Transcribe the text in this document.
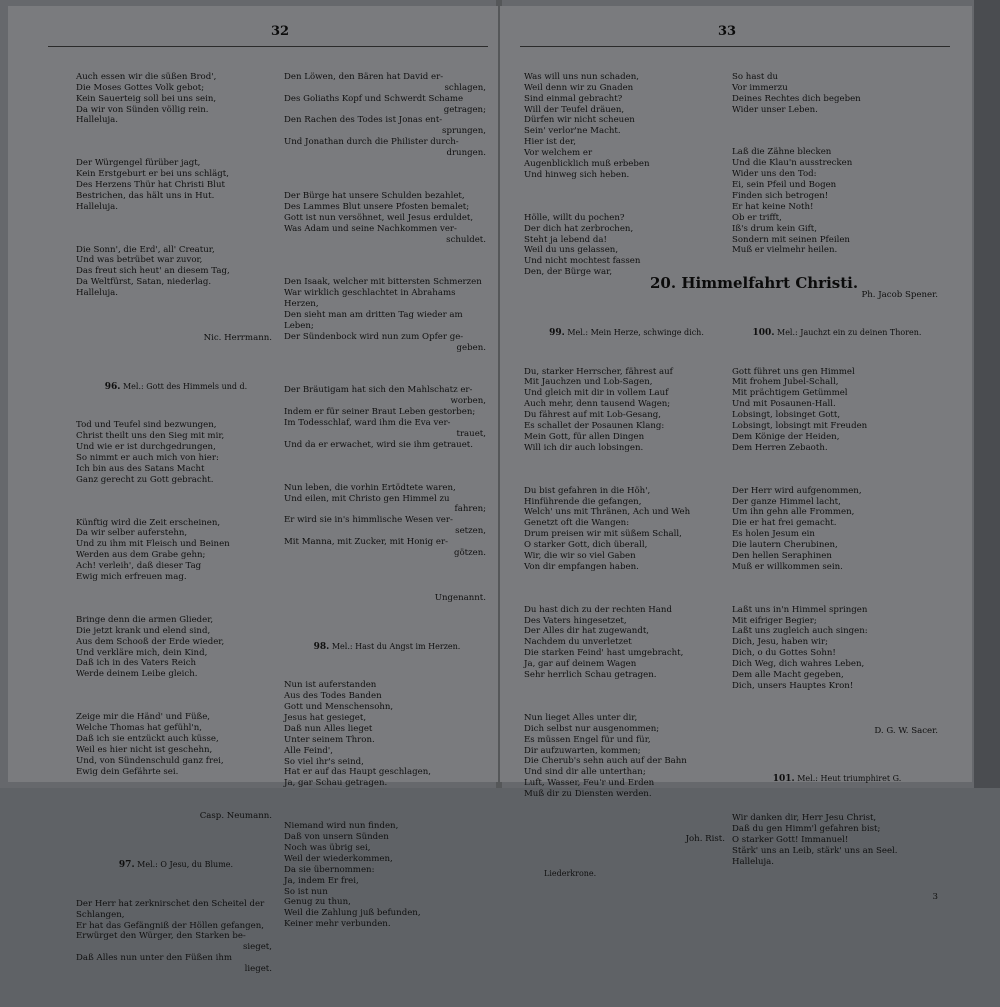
32

Auch essen wir die süßen Brod',
Die Moses Gottes Volk gebot;
Kein Sauerteig soll bei uns sein,
Da wir von Sünden völlig rein.
Halleluja.

Der Würgengel fürüber jagt,
Kein Erstgeburt er bei uns schlägt,
Des Herzens Thür hat Christi Blut
Bestrichen, das hält uns in Hut.
Halleluja.

Die Sonn', die Erd', all' Creatur,
Und was betrübet war zuvor,
Das freut sich heut' an diesem Tag,
Da Weltfürst, Satan, niederlag.
Halleluja.

Nic. Herrmann.

96. Mel.: Gott des Himmels und d.

Tod und Teufel sind bezwungen,
Christ theilt uns den Sieg mit mir,
Und wie er ist durchgedrungen,
So nimmt er auch mich von hier:
Ich bin aus des Satans Macht
Ganz gerecht zu Gott gebracht.

Künftig wird die Zeit erscheinen,
Da wir selber auferstehn,
Und zu ihm mit Fleisch und Beinen
Werden aus dem Grabe gehn;
Ach! verleih', daß dieser Tag
Ewig mich erfreuen mag.

Bringe denn die armen Glieder,
Die jetzt krank und elend sind,
Aus dem Schooß der Erde wieder,
Und verkläre mich, dein Kind,
Daß ich in des Vaters Reich
Werde deinem Leibe gleich.

Zeige mir die Händ' und Füße,
Welche Thomas hat gefühl'n,
Daß ich sie entzückt auch küsse,
Weil es hier nicht ist geschehn,
Und, von Sündenschuld ganz frei,
Ewig dein Gefährte sei.

Casp. Neumann.

97. Mel.: O Jesu, du Blume.

Der Herr hat zerknirschet den Scheitel der
Schlangen,
Er hat das Gefängniß der Höllen gefangen,
Erwürget den Würger, den Starken be-
sieget,
Daß Alles nun unter den Füßen ihm
lieget.

Den Löwen, den Bären hat David er-
schlagen,
Des Goliaths Kopf und Schwerdt Schame
getragen;
Den Rachen des Todes ist Jonas ent-
sprungen,
Und Jonathan durch die Philister durch-
drungen.

Der Bürge hat unsere Schulden bezahlet,
Des Lammes Blut unsere Pfosten bemalet;
Gott ist nun versöhnet, weil Jesus erduldet,
Was Adam und seine Nachkommen ver-
schuldet.

Den Isaak, welcher mit bittersten Schmerzen
War wirklich geschlachtet in Abrahams
Herzen,
Den sieht man am dritten Tag wieder am
Leben;
Der Sündenbock wird nun zum Opfer ge-
geben.

Der Bräutigam hat sich den Mahlschatz er-
worben,
Indem er für seiner Braut Leben gestorben;
Im Todesschlaf, ward ihm die Eva ver-
trauet,
Und da er erwachet, wird sie ihm getrauet.

Nun leben, die vorhin Ertödtete waren,
Und eilen, mit Christo gen Himmel zu
fahren;
Er wird sie in's himmlische Wesen ver-
setzen,
Mit Manna, mit Zucker, mit Honig er-
götzen.

Ungenannt.

98. Mel.: Hast du Angst im Herzen.

Nun ist auferstanden
Aus des Todes Banden
Gott und Menschensohn,
Jesus hat gesieget,
Daß nun Alles lieget
Unter seinem Thron.
Alle Feind',
So viel ihr's seind,
Hat er auf das Haupt geschlagen,
Ja, gar Schau getragen.

Niemand wird nun finden,
Daß von unsern Sünden
Noch was übrig sei,
Weil der wiederkommen,
Da sie übernommen:
Ja, indem Er frei,
So ist nun
Genug zu thun,
Weil die Zahlung juß befunden,
Keiner mehr verbunden.

33

Was will uns nun schaden,
Weil denn wir zu Gnaden
Sind einmal gebracht?
Will der Teufel dräuen,
Dürfen wir nicht scheuen
Sein' verlor'ne Macht.
Hier ist der,
Vor welchem er
Augenblicklich muß erbeben
Und hinweg sich heben.

Hölle, willt du pochen?
Der dich hat zerbrochen,
Steht ja lebend da!
Weil du uns gelassen,
Und nicht mochtest fassen
Den, der Bürge war,

So hast du
Vor immerzu
Deines Rechtes dich begeben
Wider unser Leben.

Laß die Zähne blecken
Und die Klau'n ausstrecken
Wider uns den Tod:
Ei, sein Pfeil und Bogen
Finden sich betrogen!
Er hat keine Noth!
Ob er trifft,
Iß's drum kein Gift,
Sondern mit seinen Pfeilen
Muß er vielmehr heilen.

Ph. Jacob Spener.

20. Himmelfahrt Christi.

99. Mel.: Mein Herze, schwinge dich.

Du, starker Herrscher, fährest auf
Mit Jauchzen und Lob-Sagen,
Und gleich mit dir in vollem Lauf
Auch mehr, denn tausend Wagen;
Du fährest auf mit Lob-Gesang,
Es schallet der Posaunen Klang:
Mein Gott, für allen Dingen
Will ich dir auch lobsingen.

Du bist gefahren in die Höh',
Hinführende die gefangen,
Welch' uns mit Thränen, Ach und Weh
Genetzt oft die Wangen:
Drum preisen wir mit süßem Schall,
O starker Gott, dich überall,
Wir, die wir so viel Gaben
Von dir empfangen haben.

Du hast dich zu der rechten Hand
Des Vaters hingesetzet,
Der Alles dir hat zugewandt,
Nachdem du unverletzet
Die starken Feind' hast umgebracht,
Ja, gar auf deinem Wagen
Sehr herrlich Schau getragen.

Nun lieget Alles unter dir,
Dich selbst nur ausgenommen;
Es müssen Engel für und für,
Dir aufzuwarten, kommen;
Die Cherub's sehn auch auf der Bahn
Und sind dir alle unterthan;
Luft, Wasser, Feu'r und Erden
Muß dir zu Diensten werden.

Joh. Rist.

Liederkrone.

100. Mel.: Jauchzt ein zu deinen Thoren.

Gott führet uns gen Himmel
Mit frohem Jubel-Schall,
Mit prächtigem Getümmel
Und mit Posaunen-Hall.
Lobsingt, lobsinget Gott,
Lobsingt, lobsingt mit Freuden
Dem Könige der Heiden,
Dem Herren Zebaoth.

Der Herr wird aufgenommen,
Der ganze Himmel lacht,
Um ihn gehn alle Frommen,
Die er hat frei gemacht.
Es holen Jesum ein
Die lautern Cherubinen,
Den hellen Seraphinen
Muß er willkommen sein.

Laßt uns in'n Himmel springen
Mit eifriger Begier;
Laßt uns zugleich auch singen:
Dich, Jesu, haben wir;
Dich, o du Gottes Sohn!
Dich Weg, dich wahres Leben,
Dem alle Macht gegeben,
Dich, unsers Hauptes Kron!

D. G. W. Sacer.

101. Mel.: Heut triumphiret G.

Wir danken dir, Herr Jesu Christ,
Daß du gen Himm'l gefahren bist;
O starker Gott! Immanuel!
Stärk' uns an Leib, stärk' uns an Seel.
Halleluja.

3
